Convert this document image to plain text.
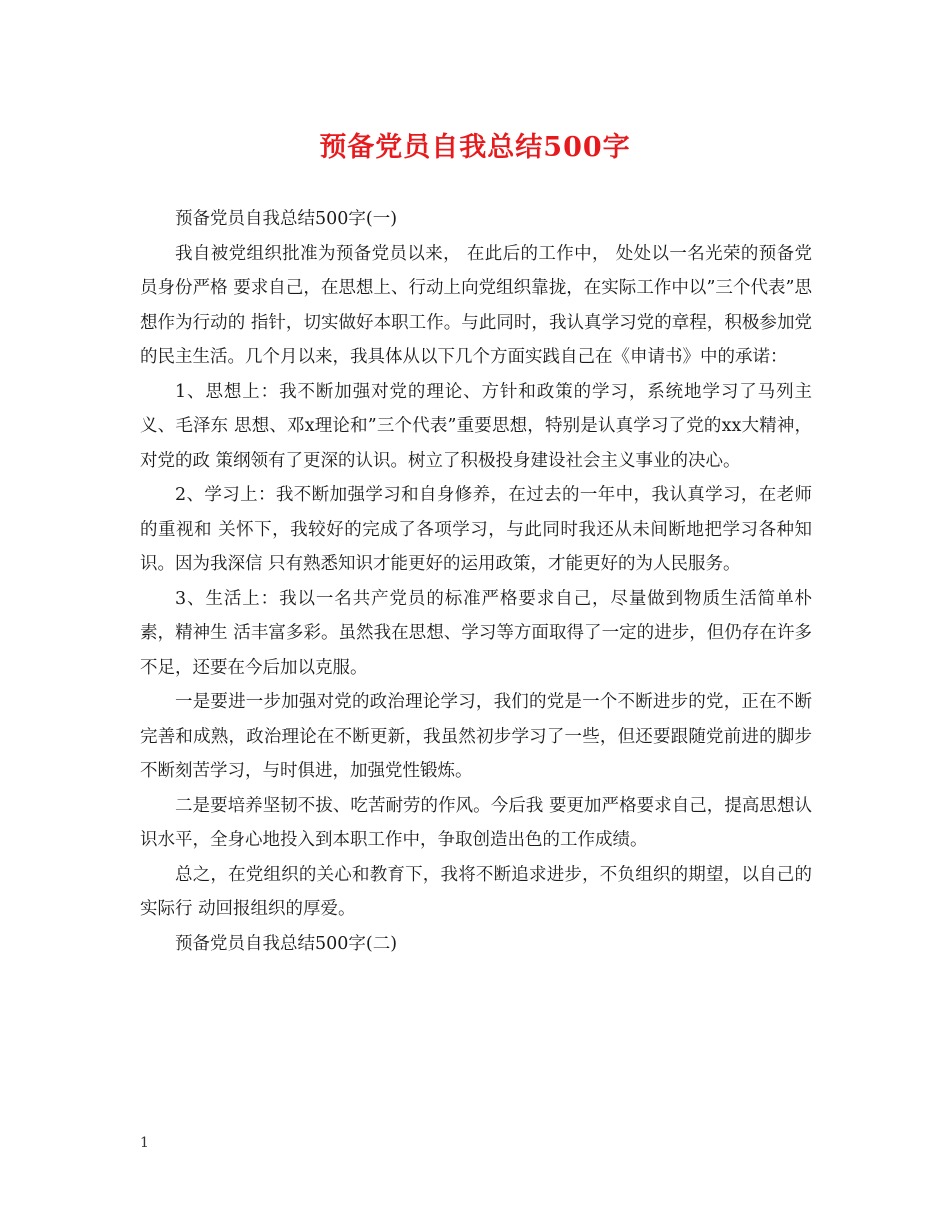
预备党员自我总结500字

预备党员自我总结500字(一)

我自被党组织批准为预备党员以来， 在此后的工作中， 处处以一名光荣的预备党员身份严格 要求自己，在思想上、行动上向党组织靠拢，在实际工作中以”三个代表”思想作为行动的 指针，切实做好本职工作。与此同时，我认真学习党的章程，积极参加党的民主生活。几个月以来，我具体从以下几个方面实践自己在《申请书》中的承诺：

1、思想上：我不断加强对党的理论、方针和政策的学习，系统地学习了马列主义、毛泽东 思想、邓x理论和”三个代表”重要思想，特别是认真学习了党的xx大精神，对党的政 策纲领有了更深的认识。树立了积极投身建设社会主义事业的决心。

2、学习上：我不断加强学习和自身修养，在过去的一年中，我认真学习，在老师的重视和 关怀下，我较好的完成了各项学习，与此同时我还从未间断地把学习各种知识。因为我深信 只有熟悉知识才能更好的运用政策，才能更好的为人民服务。

3、生活上：我以一名共产党员的标准严格要求自己，尽量做到物质生活简单朴素，精神生 活丰富多彩。虽然我在思想、学习等方面取得了一定的进步，但仍存在许多不足，还要在今后加以克服。

一是要进一步加强对党的政治理论学习，我们的党是一个不断进步的党，正在不断完善和成熟，政治理论在不断更新，我虽然初步学习了一些，但还要跟随党前进的脚步 不断刻苦学习，与时俱进，加强党性锻炼。

二是要培养坚韧不拔、吃苦耐劳的作风。今后我 要更加严格要求自己，提高思想认识水平，全身心地投入到本职工作中，争取创造出色的工作成绩。

总之，在党组织的关心和教育下，我将不断追求进步，不负组织的期望，以自己的实际行 动回报组织的厚爱。

预备党员自我总结500字(二)

1
